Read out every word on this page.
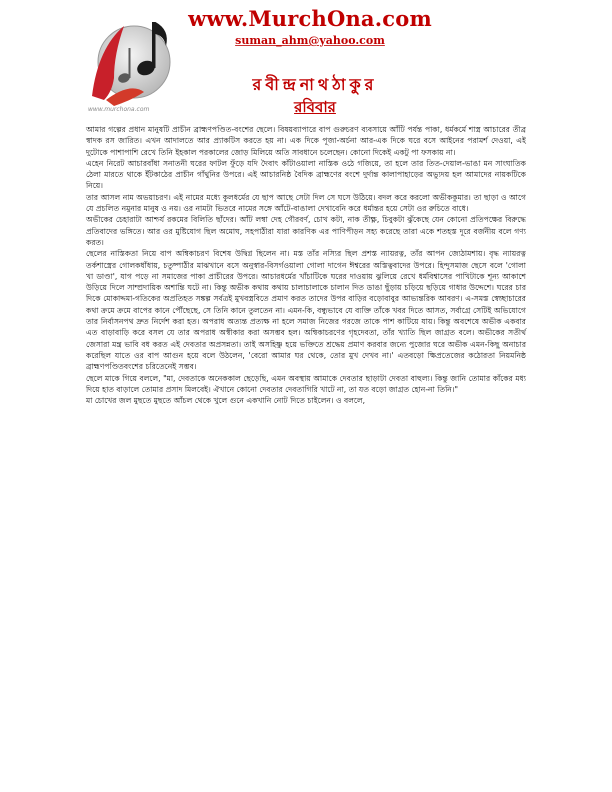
www.murchona.com
www.MurchOna.com
suman_ahm@yahoo.com
রবীন্দ্রনাথঠাকুর
রবিবার

আমার গল্পের প্রধান মানুষটি প্রাচীন ব্রাহ্মণপণ্ডিত-বংশের ছেলে। বিষয়ব্যাপারে বাপ গুরুচরণ ব্যবসায়ে আঁটি পর্যন্ত পাকা, ধর্মকর্মে শাস্ত্র আচারের তীব্র স্বাদক রস জারিত। এখন আদালতে আর প্র্যাকটিস করতে হয় না। এক দিকে পূজা-অর্চনা আর-এক দিকে ঘরে বসে আইনের পরামর্শ দেওয়া, এই দুটোকে পাশাপাশি রেখে তিনি ইহকাল পরকালের জোড় মিলিয়ে অতি সাবধানে চলেছেন। কোনো দিকেই একটু পা ফসকায় না।

এহেন নিরেট আচারবাঁধা সনাতনী ঘরের ফাটল ফুঁড়ে যদি দৈবাৎ কাঁটাওয়ালা নাস্তিক ওঠে গজিয়ে, তা হলে তার তিত-দেয়াল-ভাঙা মন সাংঘাতিক ঠেলা মারতে থাকে ইঁটকাঠের প্রাচীন গাঁথুনির উপরে। এই আচারনিষ্ঠ বৈদিক ব্রাহ্মণের বংশে দুর্দান্ত কালাপাহাড়ের অভ্যুদয় হল আমাদের নায়কটিকে নিয়ে।

তার আসল নাম অভয়াচরণ। এই নামের মধ্যে কুলধর্মের যে ছাপ আছে সেটা দিল সে ঘসে উঠিয়ে। বদল করে করলো অভীককুমার। তা ছাড়া ও আগে যে প্রচলিত নমুনার মানুষ ও নয়। ওর নামটা ভিতরে নামের সঙ্গে আঁটে-বাঙালা দেখাবেনি করে ধর্মান্তর হয়ে সেটা ওর রুচিতে বাধে।

অভীকের চেহারাটা আশ্চর্য রকমের বিলিতি ছাঁদের। আঁট লম্বা দেহ গৌরবর্ণ, চোখ কটা, নাক তীক্ষ্ণ, চিবুকটা ঝুঁকেছে যেন কোনো প্রতিপক্ষের বিরুদ্ধে প্রতিবাদের ভঙ্গিতে। আর ওর মুষ্টিযোগ ছিল অমোঘ, সহপাঠীরা যারা কারণিক এর পাণিপীড়ন সহ্য করেছে তারা একে শতহস্ত দূরে বর্জনীয় বলে গণ্য করত।

ছেলের নাস্তিকতা নিয়ে বাপ অম্বিকাচরণ বিশেষ উদ্বিগ্ন ছিলেন না। মস্ত তাঁর নস্যির ছিল প্রশস্ত ন্যায়রত্ন, তাঁর আপন জ্যেঠামশায়। বৃদ্ধ ন্যায়রত্ন তর্কশাস্ত্রের গোলকধাঁধায়, চতুষ্পাঠীর মাঝখানে বসে অনুস্বার-বিসর্গওয়ালা গোলা দাগেন ঈশ্বরের অস্তিত্ববাদের উপরে। হিন্দুসমাজ ছেসে বলে 'গোলা খা ডাণ্ডা', যাগ পড়ে না সমাজের পাকা প্রাচীরের উপরে। আচারধর্মের খাঁচাটিকে ঘরের দাওয়ায় ঝুলিয়ে রেখে ধর্মবিশ্বাসের পাখিটাকে শূন্য আকাশে উড়িয়ে দিলে সাম্প্রদায়িক অশান্তি ঘটে না। কিন্তু অভীক কথায় কথায় চালাচালাকে চালান দিত ডাঙা ছুঁড়ায় চড়িয়ে ছড়িয়ে গাধার উদ্দেশে। ঘরের চার দিকে মোকাদ্দমা-গতিকের অপ্রতিহত সঙ্কল্প সর্বত্রই মুখবস্ত্রবিতে প্রমাণ করত তাদের উপর বাড়ির বড়োবাবুর আভ্যন্তরিক আবরণ। এ-সমস্ত স্বেচ্ছাচারের কথা ক্রমে ক্রমে বাপের কানে পৌঁছেছে, সে তিনি কানে তুলতেন না। এমন-কি, বন্ধুভাবে যে ব্যক্তি তাঁকে খবর দিতে আসত, সর্বাগ্রে সেটিই অভিযোগে তার নির্বাসনপথ দ্রুত নির্দেশ করা হত। অপরাধ অত্যন্ত প্রত্যক্ষ না হলে সমাজ নিজের গরজে তাকে পাশ কাটিয়ে যায়। কিন্তু অবশেষে অভীক একবার এত বাড়াবাড়ি করে বসল যে তার অপরাধ অস্বীকার করা অসম্ভব হল। অম্বিকাচরণের গৃহদেবতা, তাঁর খ্যাতি ছিল জাগ্রত বলে। অভীকের সতীর্থ জেসারা মন্ত্র ভাবি বধ করত এই দেবতার অপ্রসন্নতা। তাই অসহিষ্ণু হয়ে ভক্তিতে শ্রদ্ধেয় প্রমাণ করবার জন্যে পুজোর ঘরে অভীক এমন-কিছু অনাচার করেছিল যাতে ওর বাপ আগুন হয়ে বলে উঠলেন, 'বেরো আমার ঘর থেকে, তোর মুখ দেখব না।' এতবড়ো ক্ষিপ্রতেজের কঠোরতা নিয়মনিষ্ঠ ব্রাহ্মণপণ্ডিতবংশের চরিতেনেই সম্ভব।

ছেলে মাকে গিয়ে বললে, "মা, দেবতাকে অনেককাল ছেড়েছি, এমন অবস্থায় আমাকে দেবতার ছাড়াটা দেবতা বাহুল্য। কিন্তু জানি তোমার কাঁকের মধ্য দিয়ে হাত বাড়ালে তোমার প্রসাদ মিলবেই। ঐখানে কোনো দেবতার দেবতাগিরি খাটে না, তা যত বড়ো জাগ্রত হোন-না তিনি।"

মা চোখের জল মুছতে মুছতে আঁচল থেকে খুলে গুনে একখানি নোট দিতে চাইলেন। ও বললে,
